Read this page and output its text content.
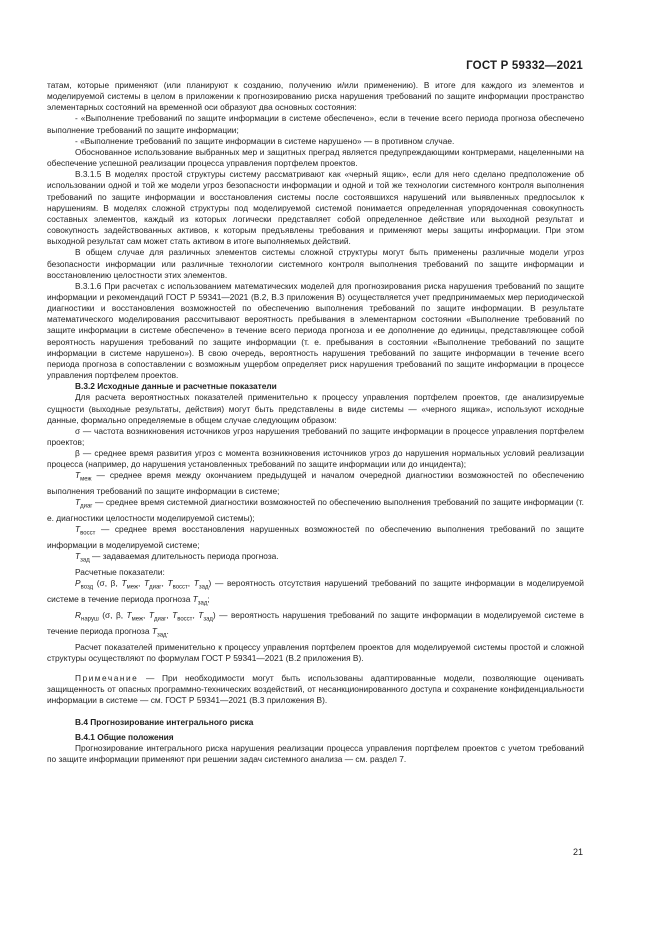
ГОСТ Р 59332—2021

татам, которые применяют (или планируют к созданию, получению и/или применению). В итоге для каждого из элементов и моделируемой системы в целом в приложении к прогнозированию риска нарушения требований по защите информации пространство элементарных состояний на временной оси образуют два основных состояния:

- «Выполнение требований по защите информации в системе обеспечено», если в течение всего периода прогноза обеспечено выполнение требований по защите информации;

- «Выполнение требований по защите информации в системе нарушено» — в противном случае.

Обоснованное использование выбранных мер и защитных преград является предупреждающими контрмерами, нацеленными на обеспечение успешной реализации процесса управления портфелем проектов.

В.3.1.5 В моделях простой структуры систему рассматривают как «черный ящик», если для него сделано предположение об использовании одной и той же модели угроз безопасности информации и одной и той же технологии системного контроля выполнения требований по защите информации и восстановления системы после состоявшихся нарушений или выявленных предпосылок к нарушениям. В моделях сложной структуры под моделируемой системой понимается определенная упорядоченная совокупность составных элементов, каждый из которых логически представляет собой определенное действие или выходной результат и совокупность задействованных активов, к которым предъявлены требования и применяют меры защиты информации. При этом выходной результат сам может стать активом в итоге выполняемых действий.

В общем случае для различных элементов системы сложной структуры могут быть применены различные модели угроз безопасности информации или различные технологии системного контроля выполнения требований по защите информации и восстановлению целостности этих элементов.

В.3.1.6 При расчетах с использованием математических моделей для прогнозирования риска нарушения требований по защите информации и рекомендаций ГОСТ Р 59341—2021 (В.2, В.3 приложения В) осуществляется учет предпринимаемых мер периодической диагностики и восстановления возможностей по обеспечению выполнения требований по защите информации. В результате математического моделирования рассчитывают вероятность пребывания в элементарном состоянии «Выполнение требований по защите информации в системе обеспечено» в течение всего периода прогноза и ее дополнение до единицы, представляющее собой вероятность нарушения требований по защите информации (т. е. пребывания в состоянии «Выполнение требований по защите информации в системе нарушено»). В свою очередь, вероятность нарушения требований по защите информации в течение всего периода прогноза в сопоставлении с возможным ущербом определяет риск нарушения требований по защите информации в процессе управления портфелем проектов.

В.3.2 Исходные данные и расчетные показатели

Для расчета вероятностных показателей применительно к процессу управления портфелем проектов, где анализируемые сущности (выходные результаты, действия) могут быть представлены в виде системы — «черного ящика», используют исходные данные, формально определяемые в общем случае следующим образом:

σ — частота возникновения источников угроз нарушения требований по защите информации в процессе управления портфелем проектов;

β — среднее время развития угроз с момента возникновения источников угроз до нарушения нормальных условий реализации процесса (например, до нарушения установленных требований по защите информации или до инцидента);

$T_{меж}$ — среднее время между окончанием предыдущей и началом очередной диагностики возможностей по обеспечению выполнения требований по защите информации в системе;

$T_{диаг}$ — среднее время системной диагностики возможностей по обеспечению выполнения требований по защите информации (т. е. диагностики целостности моделируемой системы);

$T_{восст}$ — среднее время восстановления нарушенных возможностей по обеспечению выполнения требований по защите информации в моделируемой системе;

$T_{зад}$ — задаваемая длительность периода прогноза.

Расчетные показатели:

$P_{возд}$ (σ, β, $T_{меж}$, $T_{диаг}$, $T_{восст}$, $T_{зад}$) — вероятность отсутствия нарушений требований по защите информации в моделируемой системе в течение периода прогноза $T_{зад}$;

$R_{наруш}$ (σ, β, $T_{меж}$, $T_{диаг}$, $T_{восст}$, $T_{зад}$) — вероятность нарушения требований по защите информации в моделируемой системе в течение периода прогноза $T_{зад}$.

Расчет показателей применительно к процессу управления портфелем проектов для моделируемой системы простой и сложной структуры осуществляют по формулам ГОСТ Р 59341—2021 (В.2 приложения В).

Примечание — При необходимости могут быть использованы адаптированные модели, позволяющие оценивать защищенность от опасных программно-технических воздействий, от несанкционированного доступа и сохранение конфиденциальности информации в системе — см. ГОСТ Р 59341—2021 (В.3 приложения В).

В.4 Прогнозирование интегрального риска

В.4.1 Общие положения

Прогнозирование интегрального риска нарушения реализации процесса управления портфелем проектов с учетом требований по защите информации применяют при решении задач системного анализа — см. раздел 7.

21
